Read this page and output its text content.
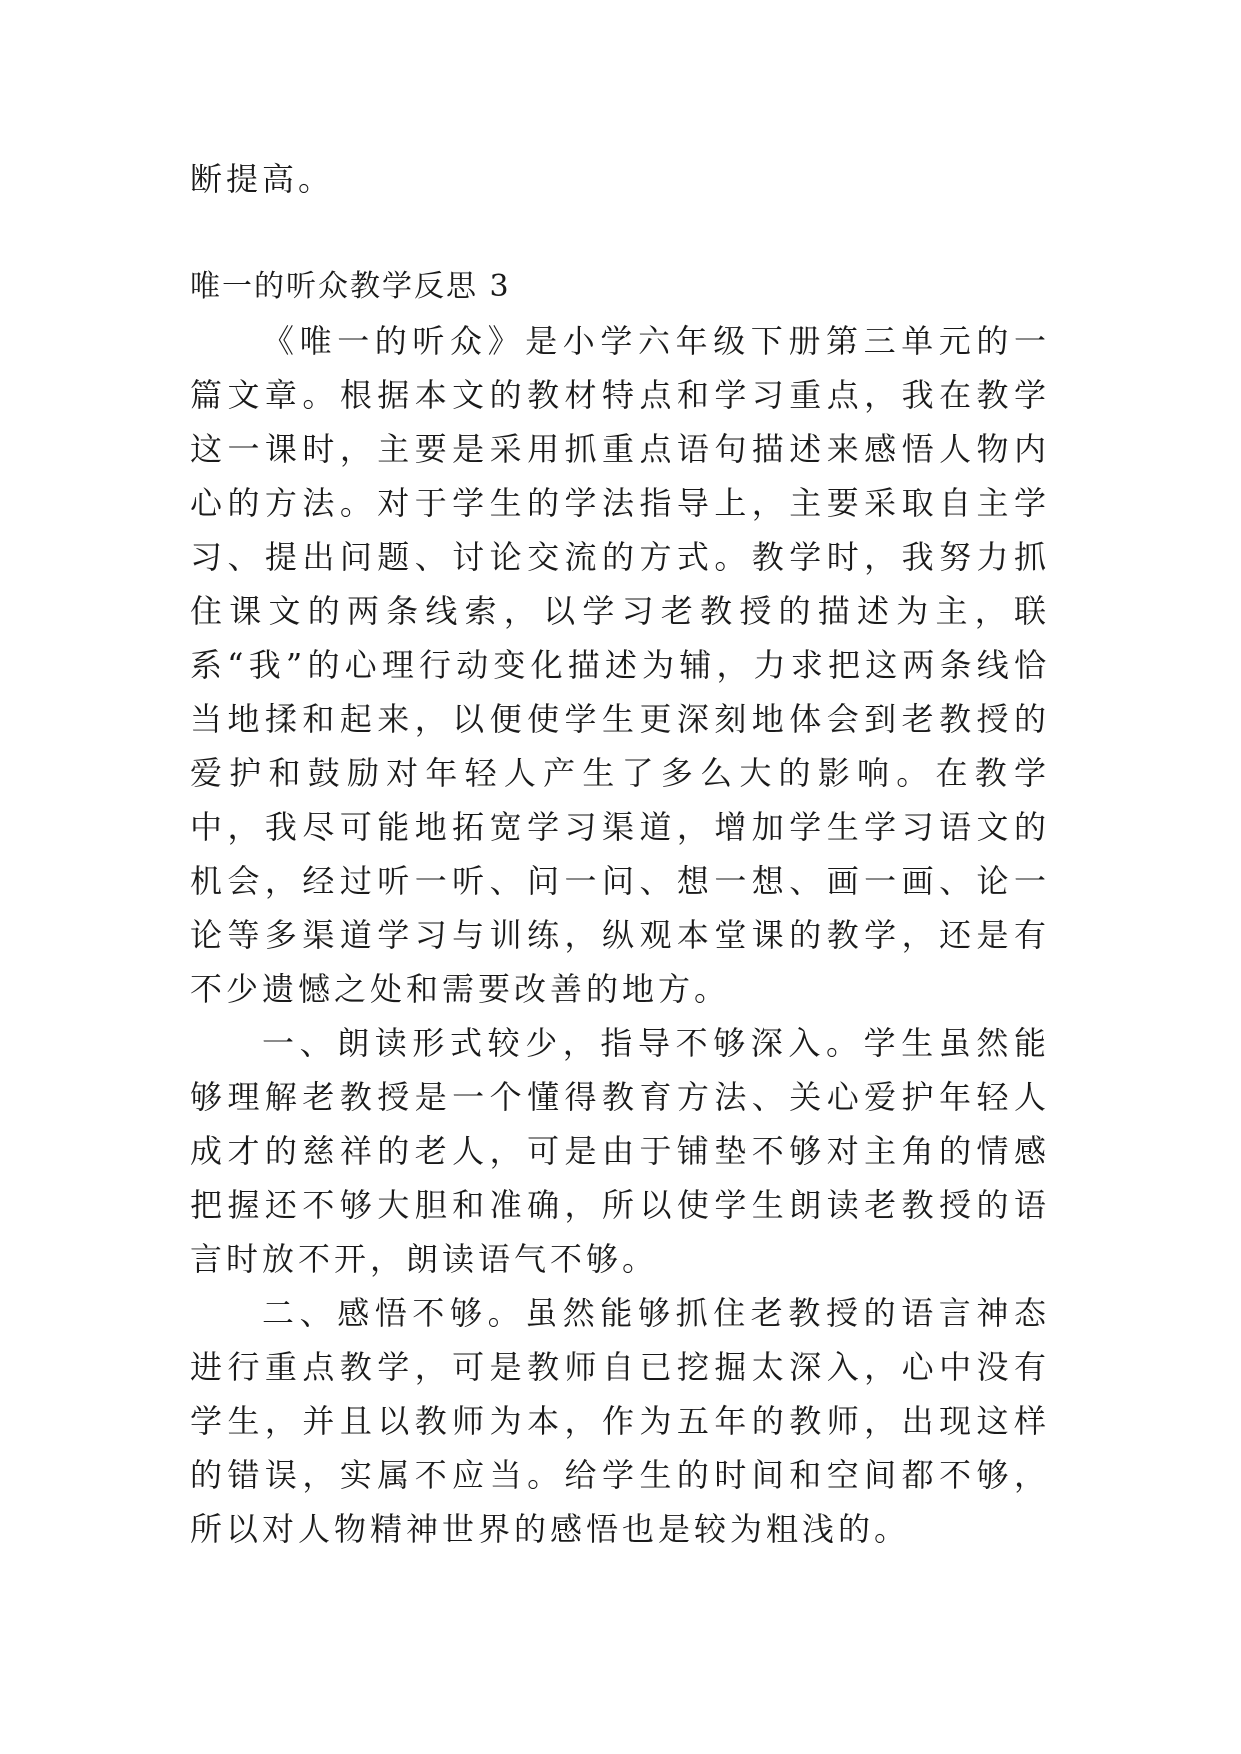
断提高。

唯一的听众教学反思 3

《唯一的听众》是小学六年级下册第三单元的一篇文章。根据本文的教材特点和学习重点，我在教学这一课时，主要是采用抓重点语句描述来感悟人物内心的方法。对于学生的学法指导上，主要采取自主学习、提出问题、讨论交流的方式。教学时，我努力抓住课文的两条线索，以学习老教授的描述为主，联系“我”的心理行动变化描述为辅，力求把这两条线恰当地揉和起来，以便使学生更深刻地体会到老教授的爱护和鼓励对年轻人产生了多么大的影响。在教学中，我尽可能地拓宽学习渠道，增加学生学习语文的机会，经过听一听、问一问、想一想、画一画、论一论等多渠道学习与训练，纵观本堂课的教学，还是有不少遗憾之处和需要改善的地方。

一、朗读形式较少，指导不够深入。学生虽然能够理解老教授是一个懂得教育方法、关心爱护年轻人成才的慈祥的老人，可是由于铺垫不够对主角的情感把握还不够大胆和准确，所以使学生朗读老教授的语言时放不开，朗读语气不够。

二、感悟不够。虽然能够抓住老教授的语言神态进行重点教学，可是教师自已挖掘太深入，心中没有学生，并且以教师为本，作为五年的教师，出现这样的错误，实属不应当。给学生的时间和空间都不够，所以对人物精神世界的感悟也是较为粗浅的。
